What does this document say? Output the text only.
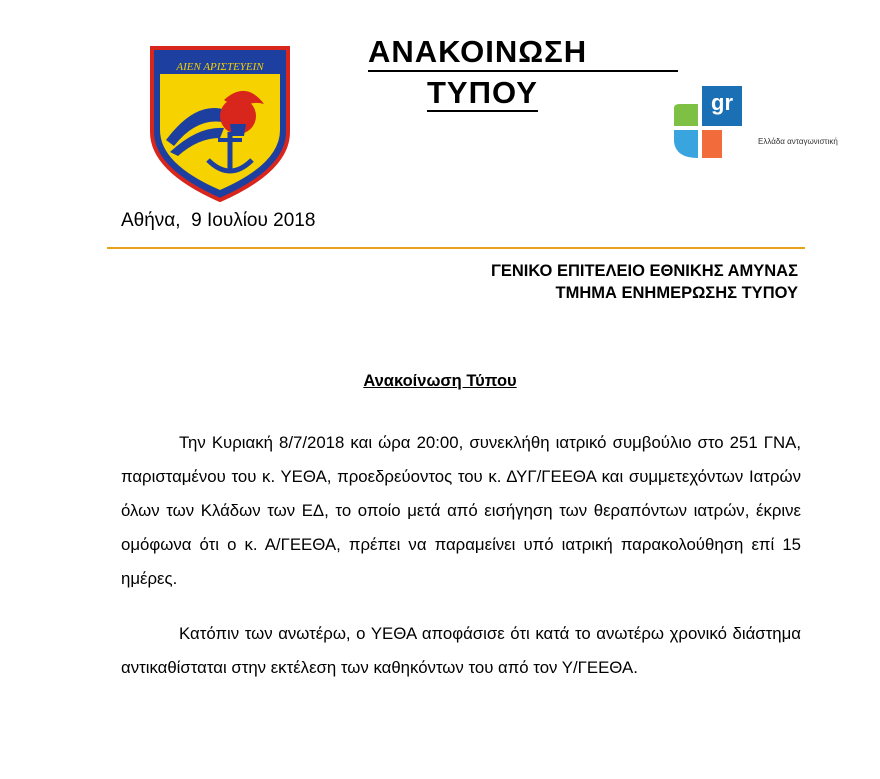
ΑΙΕΝ ΑΡΙΣΤΕΥΕΙΝ	ΑΝΑΚΟΙΝΩΣΗ
ΤΥΠΟΥ	gr
Ελλάδα ανταγωνιστική
Αθήνα,  9 Ιουλίου 2018
ΓΕΝΙΚΟ ΕΠΙΤΕΛΕΙΟ ΕΘΝΙΚΗΣ ΑΜΥΝΑΣ
ΤΜΗΜΑ ΕΝΗΜΕΡΩΣΗΣ ΤΥΠΟΥ
Ανακοίνωση Τύπου

Την Κυριακή 8/7/2018 και ώρα 20:00, συνεκλήθη ιατρικό συμβούλιο στο 251 ΓΝΑ, παρισταμένου του κ. ΥΕΘΑ, προεδρεύοντος του κ. ΔΥΓ/ΓΕΕΘΑ και συμμετεχόντων Ιατρών όλων των Κλάδων των ΕΔ, το οποίο μετά από εισήγηση των θεραπόντων ιατρών, έκρινε ομόφωνα ότι ο κ. Α/ΓΕΕΘΑ, πρέπει να παραμείνει υπό ιατρική παρακολούθηση επί 15 ημέρες.

Κατόπιν των ανωτέρω, ο ΥΕΘΑ αποφάσισε ότι κατά το ανωτέρω χρονικό διάστημα αντικαθίσταται στην εκτέλεση των καθηκόντων του από τον Υ/ΓΕΕΘΑ.
